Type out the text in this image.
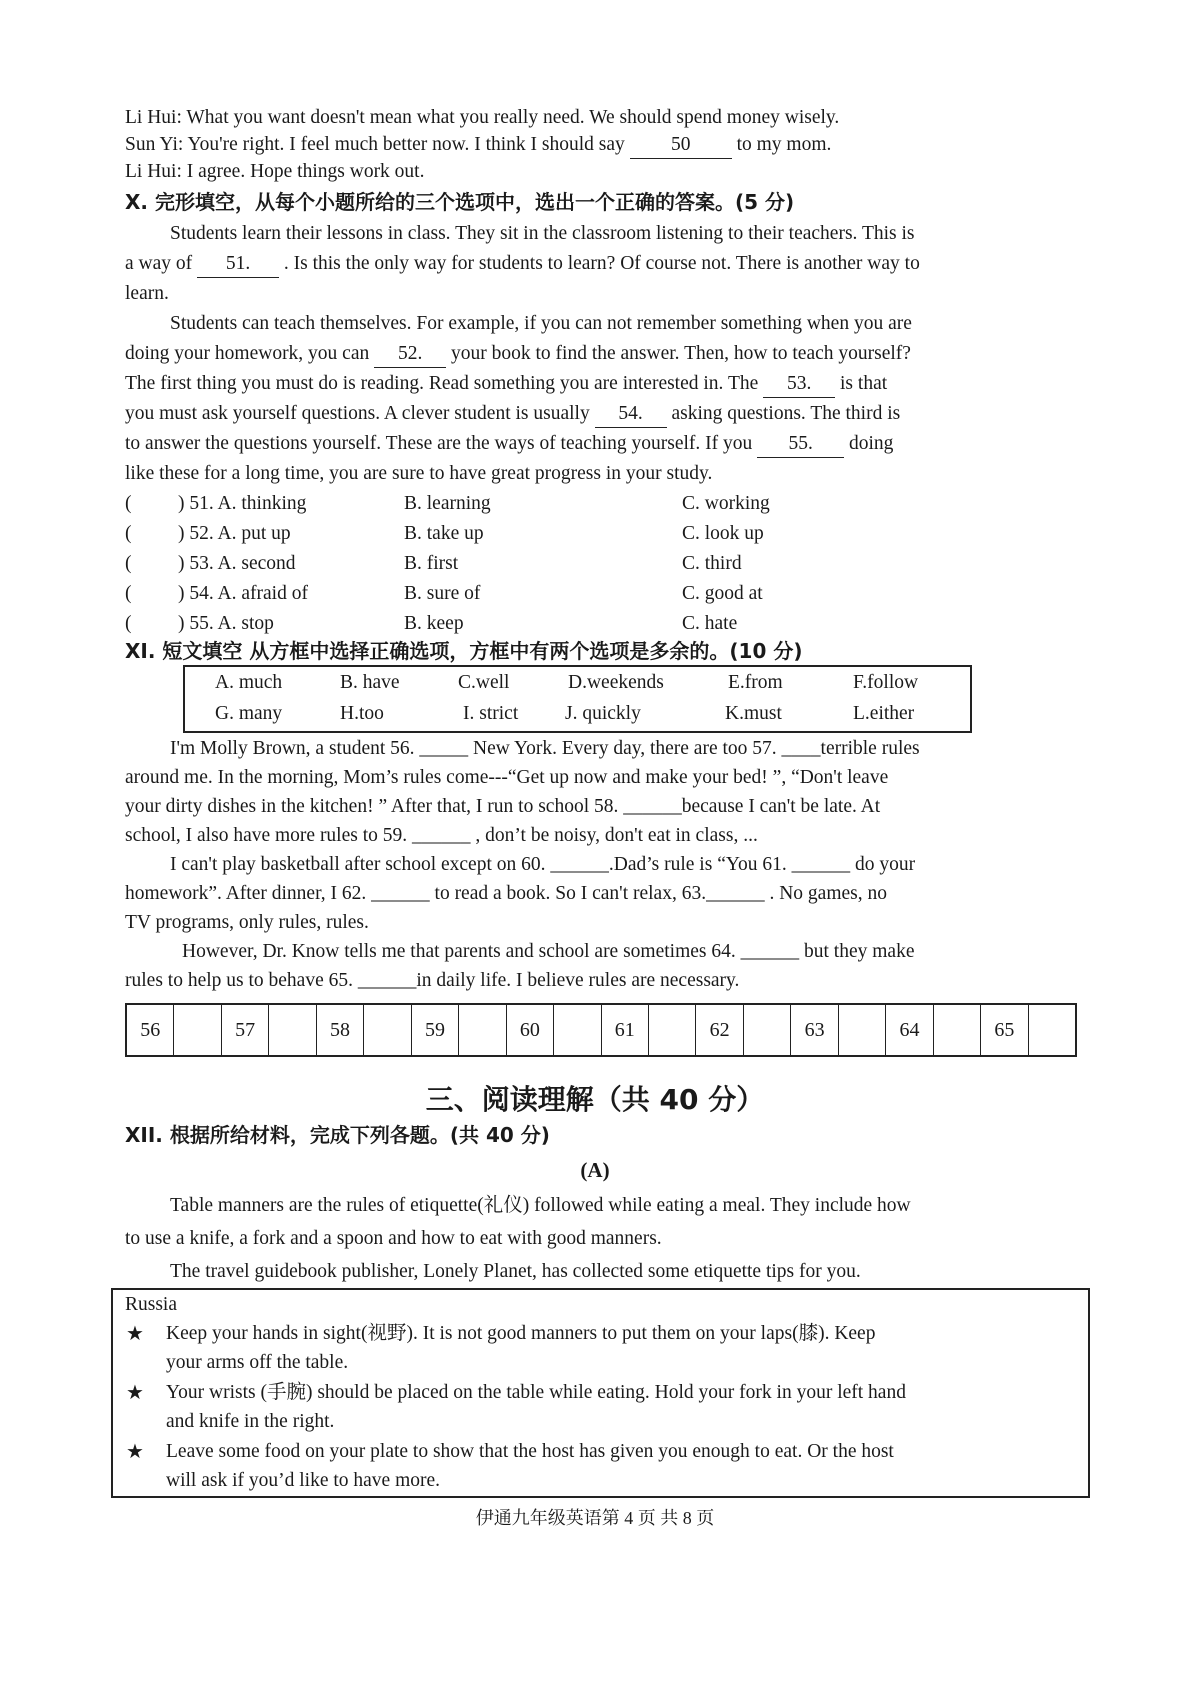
Li Hui: What you want doesn't mean what you really need. We should spend money wisely.
Sun Yi: You're right. I feel much better now. I think I should say 50 to my mom.
Li Hui: I agree. Hope things work out.
X. 完形填空，从每个小题所给的三个选项中，选出一个正确的答案。(5 分)
Students learn their lessons in class. They sit in the classroom listening to their teachers. This is
a way of 51. . Is this the only way for students to learn? Of course not. There is another way to
learn.
Students can teach themselves. For example, if you can not remember something when you are
doing your homework, you can 52. your book to find the answer. Then, how to teach yourself?
The first thing you must do is reading. Read something you are interested in. The 53. is that
you must ask yourself questions. A clever student is usually 54. asking questions. The third is
to answer the questions yourself. These are the ways of teaching yourself. If you 55. doing
like these for a long time, you are sure to have great progress in your study.
( ) 51. A. thinking	B. learning	C. working
( ) 52. A. put up	B. take up	C. look up
( ) 53. A. second	B. first	C. third
( ) 54. A. afraid of	B. sure of	C. good at
( ) 55. A. stop	B. keep	C. hate
XI. 短文填空 从方框中选择正确选项，方框中有两个选项是多余的。(10 分)
A. much	B. have	C.well	D.weekends	E.from	F.follow
G. many	H.too	I. strict J. quickly	K.must	L.either
I'm Molly Brown, a student 56. _____ New York. Every day, there are too 57. ____terrible rules
around me. In the morning, Mom’s rules come---“Get up now and make your bed! ”, “Don't leave
your dirty dishes in the kitchen! ” After that, I run to school 58. ______because I can't be late. At
school, I also have more rules to 59. ______ , don’t be noisy, don't eat in class, ...
I can't play basketball after school except on 60. ______.Dad’s rule is “You 61. ______ do your
homework”. After dinner, I 62. ______ to read a book. So I can't relax, 63.______ . No games, no
TV programs, only rules, rules.
However, Dr. Know tells me that parents and school are sometimes 64. ______ but they make
rules to help us to behave 65. ______in daily life. I believe rules are necessary.
56	57	58	59	60	61	62	63	64	65
三、阅读理解（共 40 分）
XII. 根据所给材料，完成下列各题。(共 40 分)
(A)
Table manners are the rules of etiquette(礼仪) followed while eating a meal. They include how
to use a knife, a fork and a spoon and how to eat with good manners.
The travel guidebook publisher, Lonely Planet, has collected some etiquette tips for you.
Russia
★ Keep your hands in sight(视野). It is not good manners to put them on your laps(膝). Keep
your arms off the table.
★ Your wrists (手腕) should be placed on the table while eating. Hold your fork in your left hand
and knife in the right.
★ Leave some food on your plate to show that the host has given you enough to eat. Or the host
will ask if you’d like to have more.
伊通九年级英语第 4 页 共 8 页
